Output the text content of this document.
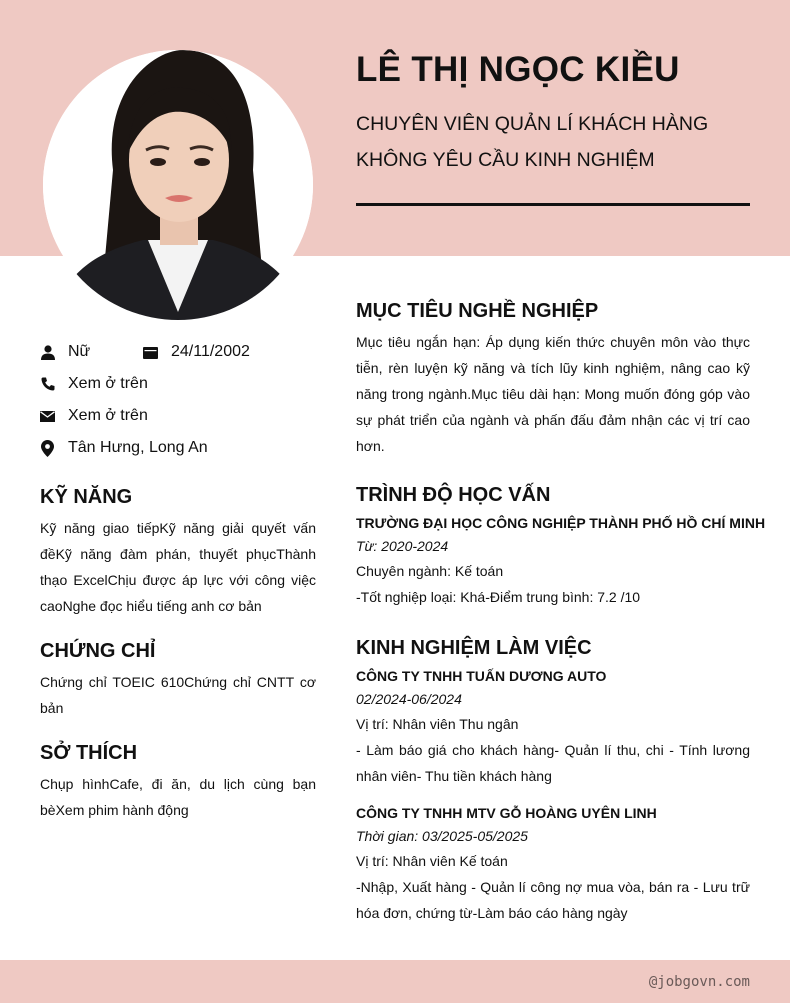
LÊ THỊ NGỌC KIỀU
CHUYÊN VIÊN QUẢN LÍ KHÁCH HÀNG
KHÔNG YÊU CẦU KINH NGHIỆM
Nữ	24/11/2002
Xem ở trên
Xem ở trên
Tân Hưng, Long An
KỸ NĂNG
Kỹ năng giao tiếpKỹ năng giải quyết vấn đềKỹ năng đàm phán, thuyết phụcThành thạo ExcelChịu được áp lực với công việc caoNghe đọc hiểu tiếng anh cơ bản
CHỨNG CHỈ
Chứng chỉ TOEIC 610Chứng chỉ CNTT cơ bản
SỞ THÍCH
Chụp hìnhCafe, đi ăn, du lịch cùng bạn bèXem phim hành động
MỤC TIÊU NGHỀ NGHIỆP
Mục tiêu ngắn hạn: Áp dụng kiến thức chuyên môn vào thực tiễn, rèn luyện kỹ năng và tích lũy kinh nghiệm, nâng cao kỹ năng trong ngành.Mục tiêu dài hạn: Mong muốn đóng góp vào sự phát triển của ngành và phấn đấu đảm nhận các vị trí cao hơn.
TRÌNH ĐỘ HỌC VẤN
TRƯỜNG ĐẠI HỌC CÔNG NGHIỆP THÀNH PHỐ HỒ CHÍ MINH
Từ: 2020-2024
Chuyên ngành: Kế toán
-Tốt nghiệp loại: Khá-Điểm trung bình: 7.2 /10
KINH NGHIỆM LÀM VIỆC
CÔNG TY TNHH TUẤN DƯƠNG AUTO
02/2024-06/2024
Vị trí: Nhân viên Thu ngân
- Làm báo giá cho khách hàng- Quản lí thu, chi - Tính lương nhân viên- Thu tiền khách hàng
CÔNG TY TNHH MTV GỖ HOÀNG UYÊN LINH
Thời gian: 03/2025-05/2025
Vị trí: Nhân viên Kế toán
-Nhập, Xuất hàng - Quản lí công nợ mua vòa, bán ra - Lưu trữ hóa đơn, chứng từ-Làm báo cáo hàng ngày
@jobgovn.com
